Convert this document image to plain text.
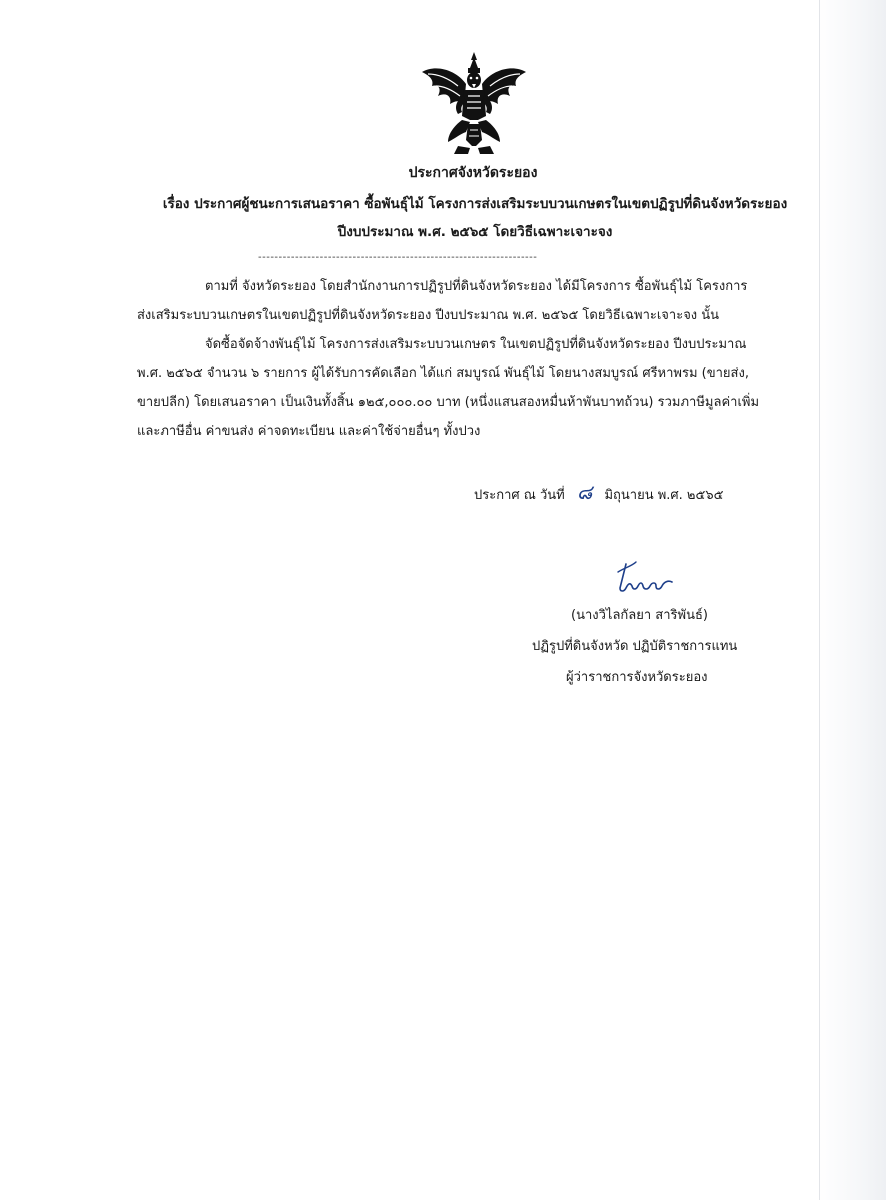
ประกาศจังหวัดระยอง
เรื่อง ประกาศผู้ชนะการเสนอราคา ซื้อพันธุ์ไม้ โครงการส่งเสริมระบบวนเกษตรในเขตปฏิรูปที่ดินจังหวัดระยอง
ปีงบประมาณ พ.ศ. ๒๕๖๕ โดยวิธีเฉพาะเจาะจง
--------------------------------------------------------------------
ตามที่ จังหวัดระยอง โดยสำนักงานการปฏิรูปที่ดินจังหวัดระยอง ได้มีโครงการ ซื้อพันธุ์ไม้ โครงการ
ส่งเสริมระบบวนเกษตรในเขตปฏิรูปที่ดินจังหวัดระยอง ปีงบประมาณ พ.ศ. ๒๕๖๕ โดยวิธีเฉพาะเจาะจง นั้น
จัดซื้อจัดจ้างพันธุ์ไม้ โครงการส่งเสริมระบบวนเกษตร ในเขตปฏิรูปที่ดินจังหวัดระยอง ปีงบประมาณ
พ.ศ. ๒๕๖๕ จำนวน ๖ รายการ ผู้ได้รับการคัดเลือก ได้แก่ สมบูรณ์ พันธุ์ไม้ โดยนางสมบูรณ์ ศรีหาพรม (ขายส่ง,
ขายปลีก) โดยเสนอราคา เป็นเงินทั้งสิ้น ๑๒๕,๐๐๐.๐๐ บาท (หนึ่งแสนสองหมื่นห้าพันบาทถ้วน) รวมภาษีมูลค่าเพิ่ม
และภาษีอื่น ค่าขนส่ง ค่าจดทะเบียน และค่าใช้จ่ายอื่นๆ ทั้งปวง
ประกาศ ณ วันที่ ๘ มิถุนายน พ.ศ. ๒๕๖๕
(นางวิไลกัลยา สาริพันธ์)
ปฏิรูปที่ดินจังหวัด ปฏิบัติราชการแทน
ผู้ว่าราชการจังหวัดระยอง
